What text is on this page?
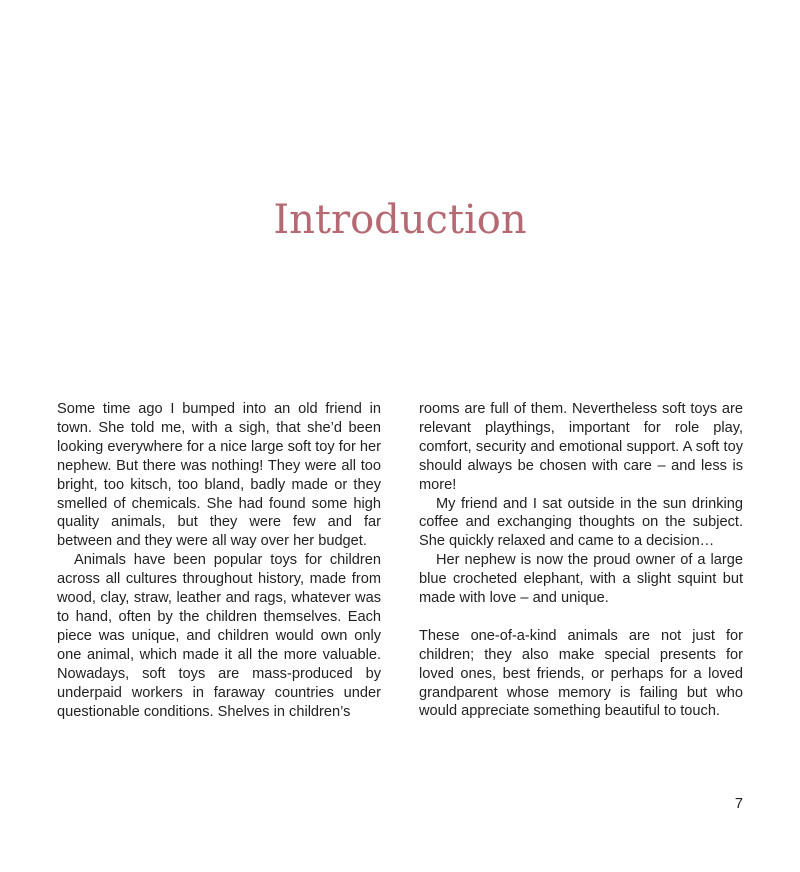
Introduction

Some time ago I bumped into an old friend in town. She told me, with a sigh, that she’d been looking everywhere for a nice large soft toy for her nephew. But there was nothing! They were all too bright, too kitsch, too bland, badly made or they smelled of chemicals. She had found some high quality animals, but they were few and far between and they were all way over her budget.

Animals have been popular toys for children across all cultures throughout history, made from wood, clay, straw, leather and rags, whatever was to hand, often by the children themselves. Each piece was unique, and children would own only one animal, which made it all the more valuable. Nowadays, soft toys are mass-produced by underpaid workers in faraway countries under questionable conditions. Shelves in children’s

rooms are full of them. Nevertheless soft toys are relevant playthings, important for role play, comfort, security and emotional support. A soft toy should always be chosen with care – and less is more!

My friend and I sat outside in the sun drinking coffee and exchanging thoughts on the subject. She quickly relaxed and came to a decision…

Her nephew is now the proud owner of a large blue crocheted elephant, with a slight squint but made with love – and unique.

These one-of-a-kind animals are not just for children; they also make special presents for loved ones, best friends, or perhaps for a loved grandparent whose memory is failing but who would appreciate something beautiful to touch.

7
